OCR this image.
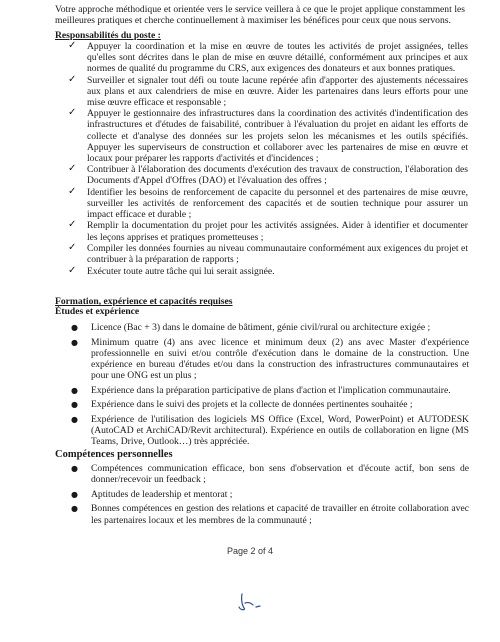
Votre approche méthodique et orientée vers le service veillera à ce que le projet applique constamment les meilleures pratiques et cherche continuellement à maximiser les bénéfices pour ceux que nous servons.

Responsabilités du poste :

✓ Appuyer la coordination et la mise en œuvre de toutes les activités de projet assignées, telles qu'elles sont décrites dans le plan de mise en œuvre détaillé, conformément aux principes et aux normes de qualité du programme du CRS, aux exigences des donateurs et aux bonnes pratiques.
✓ Surveiller et signaler tout défi ou toute lacune repérée afin d'apporter des ajustements nécessaires aux plans et aux calendriers de mise en œuvre. Aider les partenaires dans leurs efforts pour une mise œuvre efficace et responsable ;
✓ Appuyer le gestionnaire des infrastructures dans la coordination des activités d'indentification des infrastructures et d'études de faisabilité, contribuer à l'évaluation du projet en aidant les efforts de collecte et d'analyse des données sur les projets selon les mécanismes et les outils spécifiés. Appuyer les superviseurs de construction et collaborer avec les partenaires de mise en œuvre et locaux pour préparer les rapports d'activités et d'incidences ;
✓ Contribuer à l'élaboration des documents d'exécution des travaux de construction, l'élaboration des Documents d'Appel d'Offres (DAO) et l'évaluation des offres ;
✓ Identifier les besoins de renforcement de capacite du personnel et des partenaires de mise œuvre, surveiller les activités de renforcement des capacités et de soutien technique pour assurer un impact efficace et durable ;
✓ Remplir la documentation du projet pour les activités assignées. Aider à identifier et documenter les leçons apprises et pratiques prometteuses ;
✓ Compiler les données fournies au niveau communautaire conformément aux exigences du projet et contribuer à la préparation de rapports ;
✓ Exécuter toute autre tâche qui lui serait assignée.

Formation, expérience et capacités requises

Études et expérience

● Licence (Bac + 3) dans le domaine de bâtiment, génie civil/rural ou architecture exigée ;
● Minimum quatre (4) ans avec licence et minimum deux (2) ans avec Master d'expérience professionnelle en suivi et/ou contrôle d'exécution dans le domaine de la construction. Une expérience en bureau d'études et/ou dans la construction des infrastructures communautaires et pour une ONG est un plus ;
● Expérience dans la préparation participative de plans d'action et l'implication communautaire.
● Expérience dans le suivi des projets et la collecte de données pertinentes souhaitée ;
● Expérience de l'utilisation des logiciels MS Office (Excel, Word, PowerPoint) et AUTODESK (AutoCAD et ArchiCAD/Revit architectural). Expérience en outils de collaboration en ligne (MS Teams, Drive, Outlook…) très appréciée.

Compétences personnelles

● Compétences communication efficace, bon sens d'observation et d'écoute actif, bon sens de donner/recevoir un feedback ;
● Aptitudes de leadership et mentorat ;
● Bonnes compétences en gestion des relations et capacité de travailler en étroite collaboration avec les partenaires locaux et les membres de la communauté ;
Page 2 of 4
